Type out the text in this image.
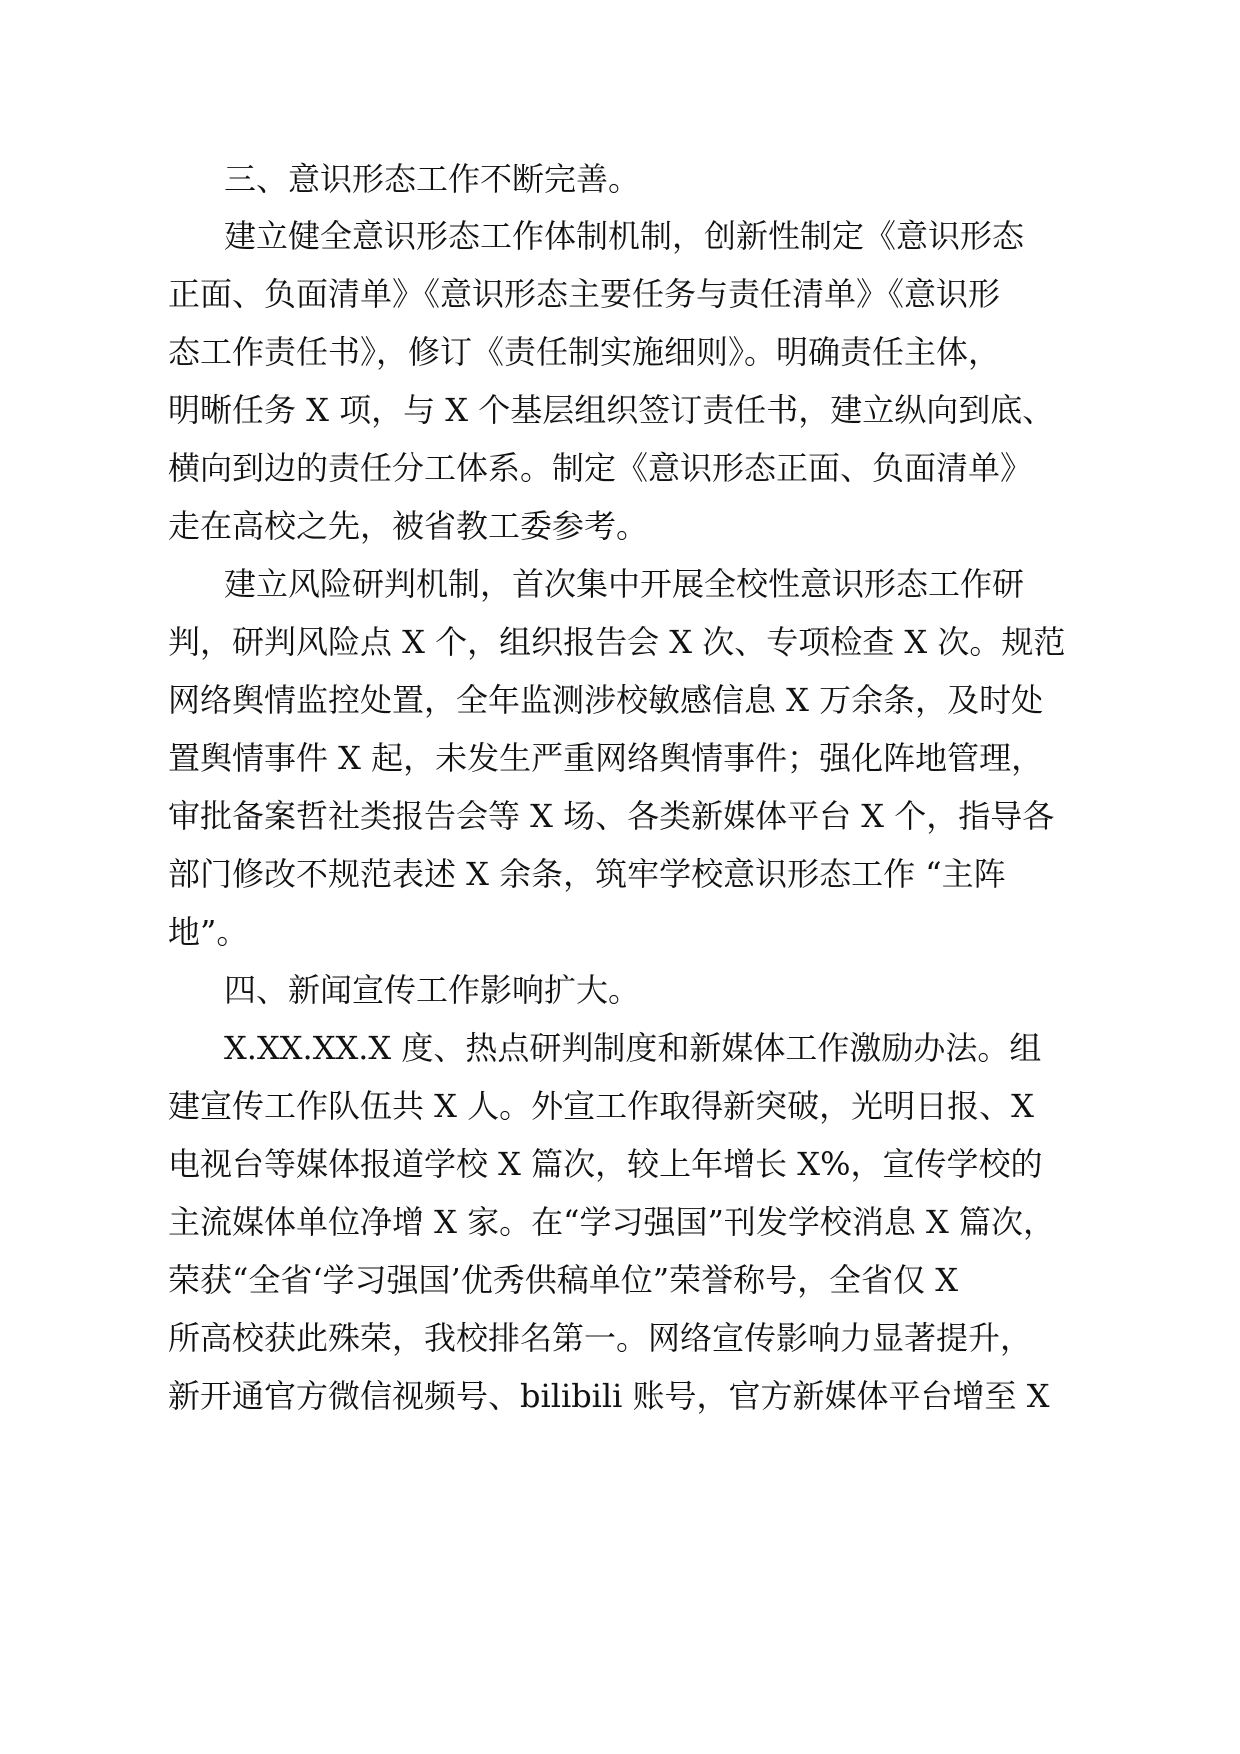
三、意识形态工作不断完善。
建立健全意识形态工作体制机制，创新性制定《意识形态
正面、负面清单》《意识形态主要任务与责任清单》《意识形
态工作责任书》，修订《责任制实施细则》。明确责任主体，
明晰任务 X 项，与 X 个基层组织签订责任书，建立纵向到底、
横向到边的责任分工体系。制定《意识形态正面、负面清单》
走在高校之先，被省教工委参考。
建立风险研判机制，首次集中开展全校性意识形态工作研
判，研判风险点 X 个，组织报告会 X 次、专项检查 X 次。规范
网络舆情监控处置，全年监测涉校敏感信息 X 万余条，及时处
置舆情事件 X 起，未发生严重网络舆情事件；强化阵地管理，
审批备案哲社类报告会等 X 场、各类新媒体平台 X 个，指导各
部门修改不规范表述 X 余条，筑牢学校意识形态工作 “主阵
地”。
四、新闻宣传工作影响扩大。
X.XX.XX.X 度、热点研判制度和新媒体工作激励办法。组
建宣传工作队伍共 X 人。外宣工作取得新突破，光明日报、X
电视台等媒体报道学校 X 篇次，较上年增长 X%，宣传学校的
主流媒体单位净增 X 家。在“学习强国”刊发学校消息 X 篇次，
荣获“全省‘学习强国’优秀供稿单位”荣誉称号，全省仅 X
所高校获此殊荣，我校排名第一。网络宣传影响力显著提升，
新开通官方微信视频号、bilibili 账号，官方新媒体平台增至 X
